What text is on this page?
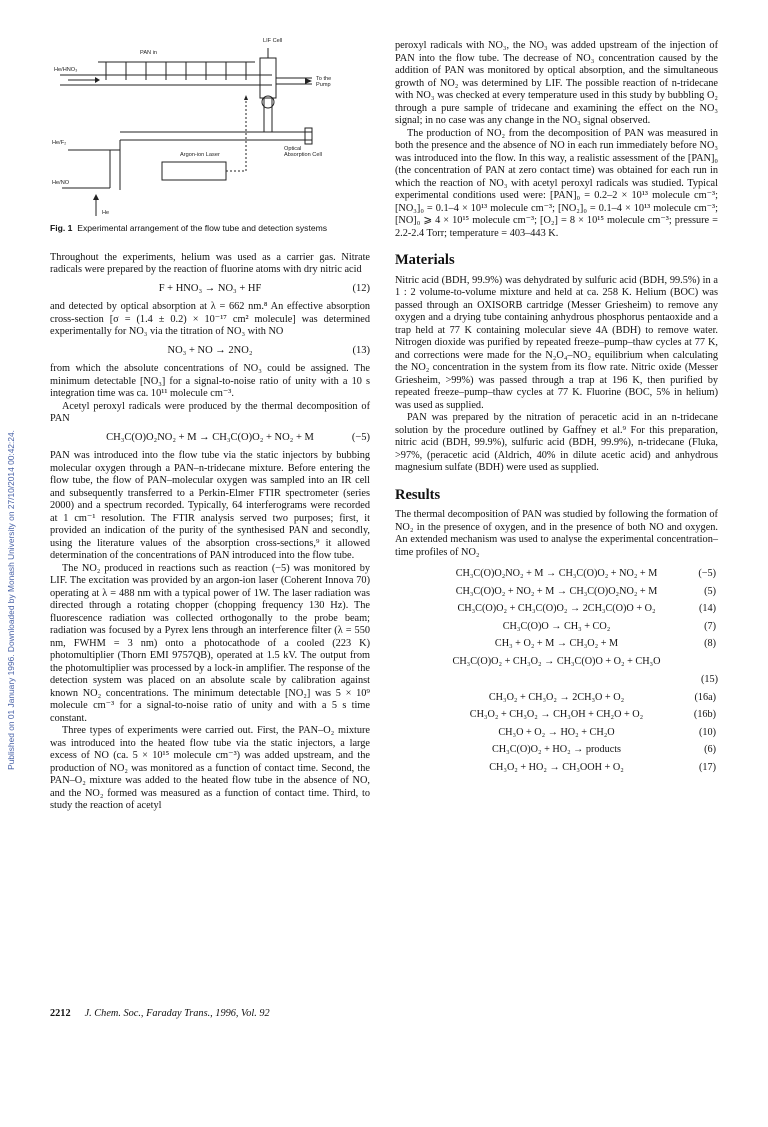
Published on 01 January 1996. Downloaded by Monash University on 27/10/2014 00:42:24.
LIF Cell
PAN in
He/HNO₃
He/F₂
He/NO
To the Pump
Optical Absorption Cell
Argon-ion Laser
He

Fig. 1 Experimental arrangement of the flow tube and detection systems

Throughout the experiments, helium was used as a carrier gas. Nitrate radicals were prepared by the reaction of fluorine atoms with dry nitric acid

F + HNO₃ → NO₃ + HF	(12)

and detected by optical absorption at λ = 662 nm.⁸ An effective absorption cross-section [σ = (1.4 ± 0.2) × 10⁻¹⁷ cm² molecule] was determined experimentally for NO₃ via the titration of NO₃ with NO

NO₃ + NO → 2NO₂	(13)

from which the absolute concentrations of NO₃ could be assigned. The minimum detectable [NO₃] for a signal-to-noise ratio of unity with a 10 s integration time was ca. 10¹¹ molecule cm⁻³.

Acetyl peroxyl radicals were produced by the thermal decomposition of PAN

CH₃C(O)O₂NO₂ + M → CH₃C(O)O₂ + NO₂ + M	(−5)

PAN was introduced into the flow tube via the static injectors by bubbing molecular oxygen through a PAN–n-tridecane mixture. Before entering the flow tube, the flow of PAN–molecular oxygen was sampled into an IR cell and subsequently transferred to a Perkin-Elmer FTIR spectrometer (series 2000) and a spectrum recorded. Typically, 64 interferograms were recorded at 1 cm⁻¹ resolution. The FTIR analysis served two purposes; first, it provided an indication of the purity of the synthesised PAN and secondly, using the literature values of the absorption cross-sections,⁹ it allowed determination of the concentrations of PAN introduced into the flow tube.

The NO₂ produced in reactions such as reaction (−5) was monitored by LIF. The excitation was provided by an argon-ion laser (Coherent Innova 70) operating at λ = 488 nm with a typical power of 1W. The laser radiation was directed through a rotating chopper (chopping frequency 130 Hz). The fluorescence radiation was collected orthogonally to the probe beam; radiation was focused by a Pyrex lens through an interference filter (λ = 550 nm, FWHM = 3 nm) onto a photocathode of a cooled (223 K) photomultiplier (Thorn EMI 9757QB), operated at 1.5 kV. The output from the photomultiplier was processed by a lock-in amplifier. The response of the detection system was placed on an absolute scale by calibration against known NO₂ concentrations. The minimum detectable [NO₂] was 5 × 10⁹ molecule cm⁻³ for a signal-to-noise ratio of unity and with a 5 s time constant.

Three types of experiments were carried out. First, the PAN–O₂ mixture was introduced into the heated flow tube via the static injectors, a large excess of NO (ca. 5 × 10¹⁵ molecule cm⁻³) was added upstream, and the production of NO₂ was monitored as a function of contact time. Second, the PAN–O₂ mixture was added to the heated flow tube in the absence of NO, and the NO₂ formed was measured as a function of contact time. Third, to study the reaction of acetyl

peroxyl radicals with NO₃, the NO₃ was added upstream of the injection of PAN into the flow tube. The decrease of NO₃ concentration caused by the addition of PAN was monitored by optical absorption, and the simultaneous growth of NO₂ was determined by LIF. The possible reaction of n-tridecane with NO₃ was checked at every temperature used in this study by bubbling O₂ through a pure sample of tridecane and examining the effect on the NO₃ signal; in no case was any change in the NO₃ signal observed.

The production of NO₂ from the decomposition of PAN was measured in both the presence and the absence of NO in each run immediately before NO₃ was introduced into the flow. In this way, a realistic assessment of the [PAN]₀ (the concentration of PAN at zero contact time) was obtained for each run in which the reaction of NO₃ with acetyl peroxyl radicals was studied. Typical experimental conditions used were: [PAN]₀ = 0.2–2 × 10¹³ molecule cm⁻³; [NO₃]₀ = 0.1–4 × 10¹³ molecule cm⁻³; [NO₂]₀ = 0.1–4 × 10¹³ molecule cm⁻³; [NO]₀ ⩾ 4 × 10¹⁵ molecule cm⁻³; [O₂] = 8 × 10¹⁵ molecule cm⁻³; pressure = 2.2-2.4 Torr; temperature = 403–443 K.

Materials

Nitric acid (BDH, 99.9%) was dehydrated by sulfuric acid (BDH, 99.5%) in a 1 : 2 volume-to-volume mixture and held at ca. 258 K. Helium (BOC) was passed through an OXISORB cartridge (Messer Griesheim) to remove any oxygen and a drying tube containing anhydrous phosphorus pentaoxide and a trap held at 77 K containing molecular sieve 4A (BDH) to remove water. Nitrogen dioxide was purified by repeated freeze–pump–thaw cycles at 77 K, and corrections were made for the N₂O₄–NO₂ equilibrium when calculating the NO₂ concentration in the system from its flow rate. Nitric oxide (Messer Griesheim, >99%) was passed through a trap at 196 K, then purified by repeated freeze–pump–thaw cycles at 77 K. Fluorine (BOC, 5% in helium) was used as supplied.

PAN was prepared by the nitration of peracetic acid in an n-tridecane solution by the procedure outlined by Gaffney et al.⁹ For this preparation, nitric acid (BDH, 99.9%), sulfuric acid (BDH, 99.9%), n-tridecane (Fluka, >97%, (peracetic acid (Aldrich, 40% in dilute acetic acid) and anhydrous magnesium sulfate (BDH) were used as supplied.

Results

The thermal decomposition of PAN was studied by following the formation of NO₂ in the presence of oxygen, and in the presence of both NO and oxygen. An extended mechanism was used to analyse the experimental concentration–time profiles of NO₂

CH₃C(O)O₂NO₂ + M → CH₃C(O)O₂ + NO₂ + M	(−5)
CH₃C(O)O₂ + NO₂ + M → CH₃C(O)O₂NO₂ + M	(5)
CH₃C(O)O₂ + CH₃C(O)O₂ → 2CH₃C(O)O + O₂	(14)
CH₃C(O)O → CH₃ + CO₂	(7)
CH₃ + O₂ + M → CH₃O₂ + M	(8)
CH₃C(O)O₂ + CH₃O₂ → CH₃C(O)O + O₂ + CH₃O
(15)
CH₃O₂ + CH₃O₂ → 2CH₃O + O₂	(16a)
CH₃O₂ + CH₃O₂ → CH₃OH + CH₂O + O₂	(16b)
CH₃O + O₂ → HO₂ + CH₂O	(10)
CH₃C(O)O₂ + HO₂ → products	(6)
CH₃O₂ + HO₂ → CH₃OOH + O₂	(17)
2212 J. Chem. Soc., Faraday Trans., 1996, Vol. 92
